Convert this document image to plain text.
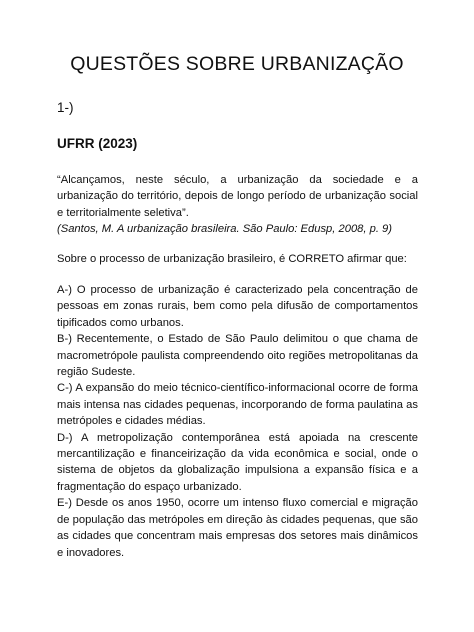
QUESTÕES SOBRE URBANIZAÇÃO
1-)
UFRR (2023)
“Alcançamos, neste século, a urbanização da sociedade e a urbanização do território, depois de longo período de urbanização social e territorialmente seletiva”.
(Santos, M. A urbanização brasileira. São Paulo: Edusp, 2008, p. 9)
Sobre o processo de urbanização brasileiro, é CORRETO afirmar que:
A-) O processo de urbanização é caracterizado pela concentração de pessoas em zonas rurais, bem como pela difusão de comportamentos tipificados como urbanos.
B-) Recentemente, o Estado de São Paulo delimitou o que chama de macrometrópole paulista compreendendo oito regiões metropolitanas da região Sudeste.
C-) A expansão do meio técnico-científico-informacional ocorre de forma mais intensa nas cidades pequenas, incorporando de forma paulatina as metrópoles e cidades médias.
D-) A metropolização contemporânea está apoiada na crescente mercantilização e financeirização da vida econômica e social, onde o sistema de objetos da globalização impulsiona a expansão física e a fragmentação do espaço urbanizado.
E-) Desde os anos 1950, ocorre um intenso fluxo comercial e migração de população das metrópoles em direção às cidades pequenas, que são as cidades que concentram mais empresas dos setores mais dinâmicos e inovadores.
